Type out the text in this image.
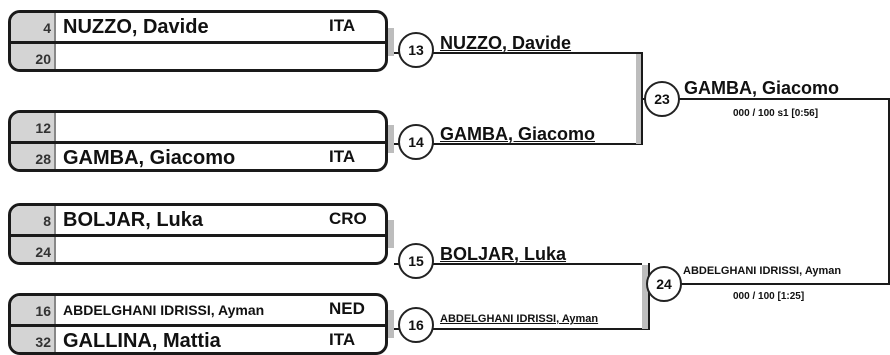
4 NUZZO, Davide	ITA
20
12
28 GAMBA, Giacomo	ITA
8 BOLJAR, Luka	CRO
24
16 ABDELGHANI IDRISSI, Ayman	NED
32 GALLINA, Mattia	ITA
13
14
15
16
NUZZO, Davide
GAMBA, Giacomo
BOLJAR, Luka
ABDELGHANI IDRISSI, Ayman
23
24
GAMBA, Giacomo
000 / 100 s1 [0:56]
ABDELGHANI IDRISSI, Ayman
000 / 100 [1:25]
